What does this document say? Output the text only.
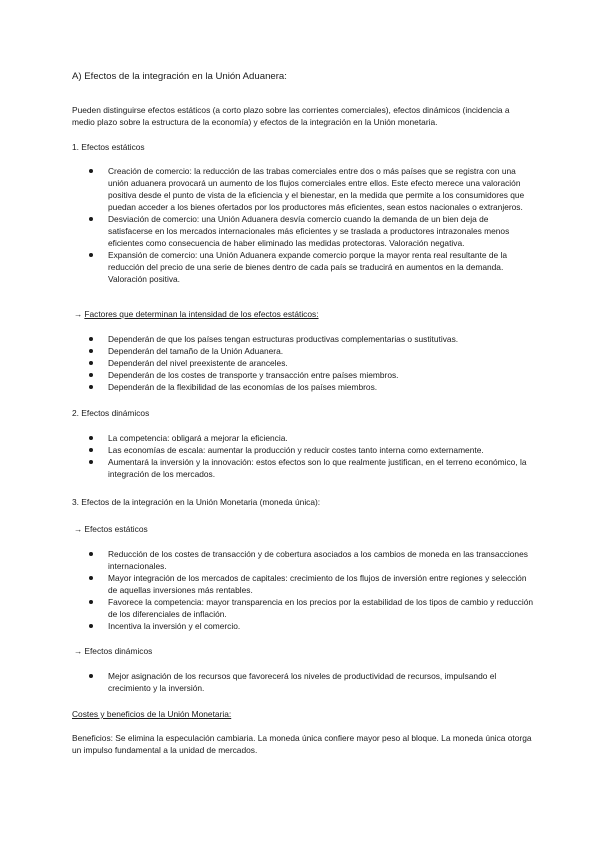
A) Efectos de la integración en la Unión Aduanera:
Pueden distinguirse efectos estáticos (a corto plazo sobre las corrientes comerciales), efectos dinámicos (incidencia a medio plazo sobre la estructura de la economía) y efectos de la integración en la Unión monetaria.
1. Efectos estáticos
Creación de comercio: la reducción de las trabas comerciales entre dos o más países que se registra con una unión aduanera provocará un aumento de los flujos comerciales entre ellos. Este efecto merece una valoración positiva desde el punto de vista de la eficiencia y el bienestar, en la medida que permite a los consumidores que puedan acceder a los bienes ofertados por los productores más eficientes, sean estos nacionales o extranjeros.
Desviación de comercio: una Unión Aduanera desvía comercio cuando la demanda de un bien deja de satisfacerse en los mercados internacionales más eficientes y se traslada a productores intrazonales menos eficientes como consecuencia de haber eliminado las medidas protectoras. Valoración negativa.
Expansión de comercio: una Unión Aduanera expande comercio porque la mayor renta real resultante de la reducción del precio de una serie de bienes dentro de cada país se traducirá en aumentos en la demanda. Valoración positiva.
→ Factores que determinan la intensidad de los efectos estáticos:
Dependerán de que los países tengan estructuras productivas complementarias o sustitutivas.
Dependerán del tamaño de la Unión Aduanera.
Dependerán del nivel preexistente de aranceles.
Dependerán de los costes de transporte y transacción entre países miembros.
Dependerán de la flexibilidad de las economías de los países miembros.
2. Efectos dinámicos
La competencia: obligará a mejorar la eficiencia.
Las economías de escala: aumentar la producción y reducir costes tanto interna como externamente.
Aumentará la inversión y la innovación: estos efectos son lo que realmente justifican, en el terreno económico, la integración de los mercados.
3. Efectos de la integración en la Unión Monetaria (moneda única):
→ Efectos estáticos
Reducción de los costes de transacción y de cobertura asociados a los cambios de moneda en las transacciones internacionales.
Mayor integración de los mercados de capitales: crecimiento de los flujos de inversión entre regiones y selección de aquellas inversiones más rentables.
Favorece la competencia: mayor transparencia en los precios por la estabilidad de los tipos de cambio y reducción de los diferenciales de inflación.
Incentiva la inversión y el comercio.
→ Efectos dinámicos
Mejor asignación de los recursos que favorecerá los niveles de productividad de recursos, impulsando el crecimiento y la inversión.
Costes y beneficios de la Unión Monetaria:
Beneficios: Se elimina la especulación cambiaria. La moneda única confiere mayor peso al bloque. La moneda única otorga un impulso fundamental a la unidad de mercados.
